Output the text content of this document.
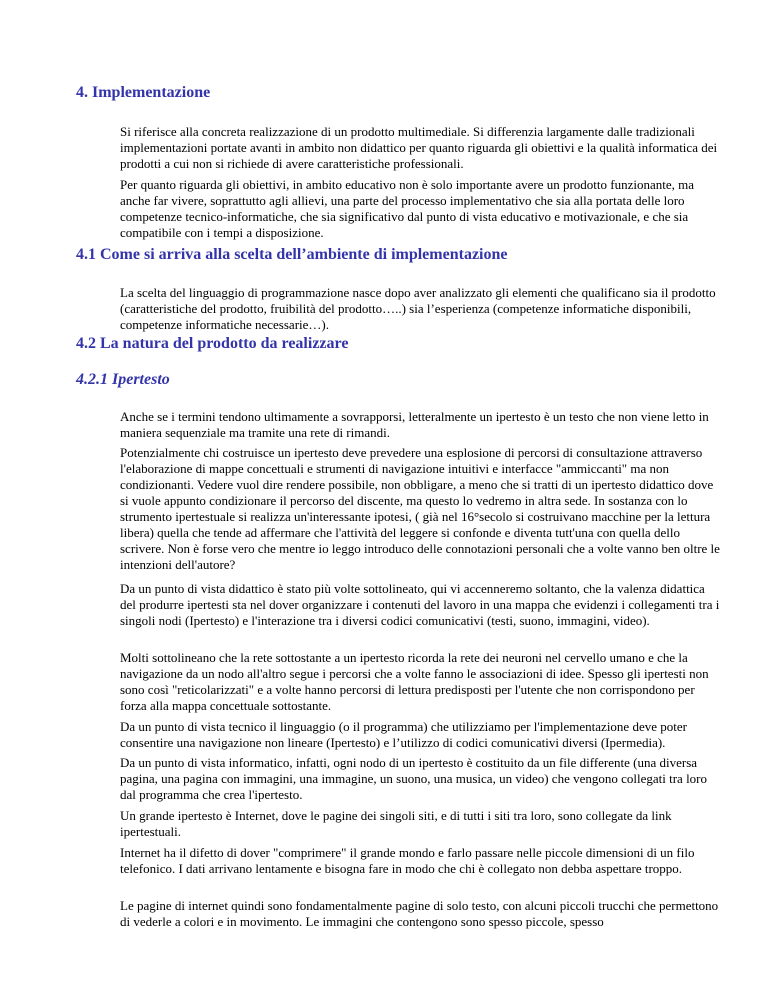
4. Implementazione

Si riferisce alla concreta realizzazione di un prodotto multimediale. Si differenzia largamente dalle tradizionali implementazioni portate avanti in ambito non didattico per quanto riguarda gli obiettivi e la qualità informatica dei prodotti a cui non si richiede di avere caratteristiche professionali.

Per quanto riguarda gli obiettivi, in ambito educativo non è solo importante avere un prodotto funzionante, ma anche far vivere, soprattutto agli allievi, una parte del processo implementativo che sia alla portata delle loro competenze tecnico-informatiche, che sia significativo dal punto di vista educativo e motivazionale, e che sia compatibile con i tempi a disposizione.

4.1 Come si arriva alla scelta dell’ambiente di implementazione

La scelta del linguaggio di programmazione nasce dopo aver analizzato gli elementi che qualificano sia il prodotto (caratteristiche del prodotto, fruibilità del prodotto…..) sia l’esperienza (competenze informatiche disponibili, competenze informatiche necessarie…).

4.2 La natura del prodotto da realizzare
4.2.1 Ipertesto

Anche se i termini tendono ultimamente a sovrapporsi, letteralmente un ipertesto è un testo che non viene letto in maniera sequenziale ma tramite una rete di rimandi.

Potenzialmente chi costruisce un ipertesto deve prevedere una esplosione di percorsi di consultazione attraverso l'elaborazione di mappe concettuali e strumenti di navigazione intuitivi e interfacce "ammiccanti" ma non condizionanti. Vedere vuol dire rendere possibile, non obbligare, a meno che si tratti di un ipertesto didattico dove si vuole appunto condizionare il percorso del discente, ma questo lo vedremo in altra sede. In sostanza con lo strumento ipertestuale si realizza un'interessante ipotesi, ( già nel 16°secolo si costruivano macchine per la lettura libera) quella che tende ad affermare che l'attività del leggere si confonde e diventa tutt'una con quella dello scrivere. Non è forse vero che mentre io leggo introduco delle connotazioni personali che a volte vanno ben oltre le intenzioni dell'autore?

Da un punto di vista didattico è stato più volte sottolineato, qui vi accenneremo soltanto, che la valenza didattica del produrre ipertesti sta nel dover organizzare i contenuti del lavoro in una mappa che evidenzi i collegamenti tra i singoli nodi (Ipertesto) e l'interazione tra i diversi codici comunicativi (testi, suono, immagini, video).

Molti sottolineano che la rete sottostante a un ipertesto ricorda la rete dei neuroni nel cervello umano e che la navigazione da un nodo all'altro segue i percorsi che a volte fanno le associazioni di idee. Spesso gli ipertesti non sono così "reticolarizzati" e a volte hanno percorsi di lettura predisposti per l'utente che non corrispondono per forza alla mappa concettuale sottostante.

Da un punto di vista tecnico il linguaggio (o il programma) che utilizziamo per l'implementazione deve poter consentire una navigazione non lineare (Ipertesto) e l’utilizzo di codici comunicativi diversi (Ipermedia).

Da un punto di vista informatico, infatti, ogni nodo di un ipertesto è costituito da un file differente (una diversa pagina, una pagina con immagini, una immagine, un suono, una musica, un video) che vengono collegati tra loro dal programma che crea l'ipertesto.

Un grande ipertesto è Internet, dove le pagine dei singoli siti, e di tutti i siti tra loro, sono collegate da link ipertestuali.

Internet ha il difetto di dover "comprimere" il grande mondo e farlo passare nelle piccole dimensioni di un filo telefonico. I dati arrivano lentamente e bisogna fare in modo che chi è collegato non debba aspettare troppo.

Le pagine di internet quindi sono fondamentalmente pagine di solo testo, con alcuni piccoli trucchi che permettono di vederle a colori e in movimento. Le immagini che contengono sono spesso piccole, spesso
